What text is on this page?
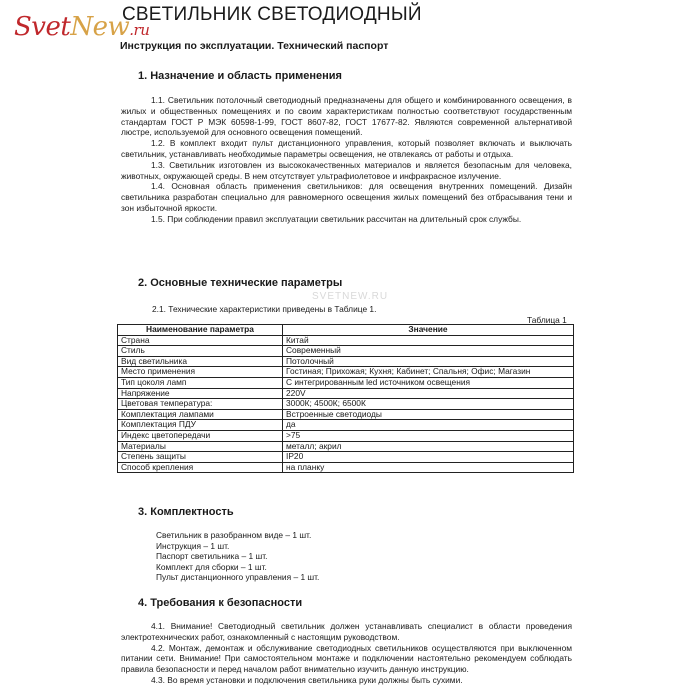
SvetNew.ru
СВЕТИЛЬНИК СВЕТОДИОДНЫЙ
Инструкция по эксплуатации. Технический паспорт
1. Назначение и область применения
1.1. Светильник потолочный светодиодный предназначены для общего и комбинированного освещения, в жилых и общественных помещениях и по своим характеристикам полностью соответствуют государственным стандартам ГОСТ Р МЭК 60598-1-99, ГОСТ 8607-82, ГОСТ 17677-82. Являются современной альтернативой люстре, используемой для основного освещения помещений.
1.2. В комплект входит пульт дистанционного управления, который позволяет включать и выключать светильник, устанавливать необходимые параметры освещения, не отвлекаясь от работы и отдыха.
1.3. Светильник изготовлен из высококачественных материалов и является безопасным для человека, животных, окружающей среды. В нем отсутствует ультрафиолетовое и инфракрасное излучение.
1.4. Основная область применения светильников: для освещения внутренних помещений. Дизайн светильника разработан специально для равномерного освещения жилых помещений без отбрасывания тени и зон избыточной яркости.
1.5. При соблюдении правил эксплуатации светильник рассчитан на длительный срок службы.
2. Основные технические параметры
SVETNEW.RU
2.1. Технические характеристики приведены в Таблице 1.
Таблица 1
Наименование параметра	Значение
Страна	Китай
Стиль	Современный
Вид светильника	Потолочный
Место применения	Гостиная; Прихожая; Кухня; Кабинет; Спальня; Офис; Магазин
Тип цоколя ламп	С интегрированным led источником освещения
Напряжение	220V
Цветовая температура:	3000К; 4500К; 6500К
Комплектация лампами	Встроенные светодиоды
Комплектация ПДУ	да
Индекс цветопередачи	>75
Материалы	металл; акрил
Степень защиты	IP20
Способ крепления	на планку
3. Комплектность
Светильник в разобранном виде – 1 шт.
Инструкция – 1 шт.
Паспорт светильника – 1 шт.
Комплект для сборки – 1 шт.
Пульт дистанционного управления – 1 шт.
4. Требования к безопасности
4.1. Внимание! Светодиодный светильник должен устанавливать специалист в области проведения электротехнических работ, ознакомленный с настоящим руководством.
4.2. Монтаж, демонтаж и обслуживание светодиодных светильников осуществляются при выключенном питании сети. Внимание! При самостоятельном монтаже и подключении настоятельно рекомендуем соблюдать правила безопасности и перед началом работ внимательно изучить данную инструкцию.
4.3. Во время установки и подключения светильника руки должны быть сухими.
